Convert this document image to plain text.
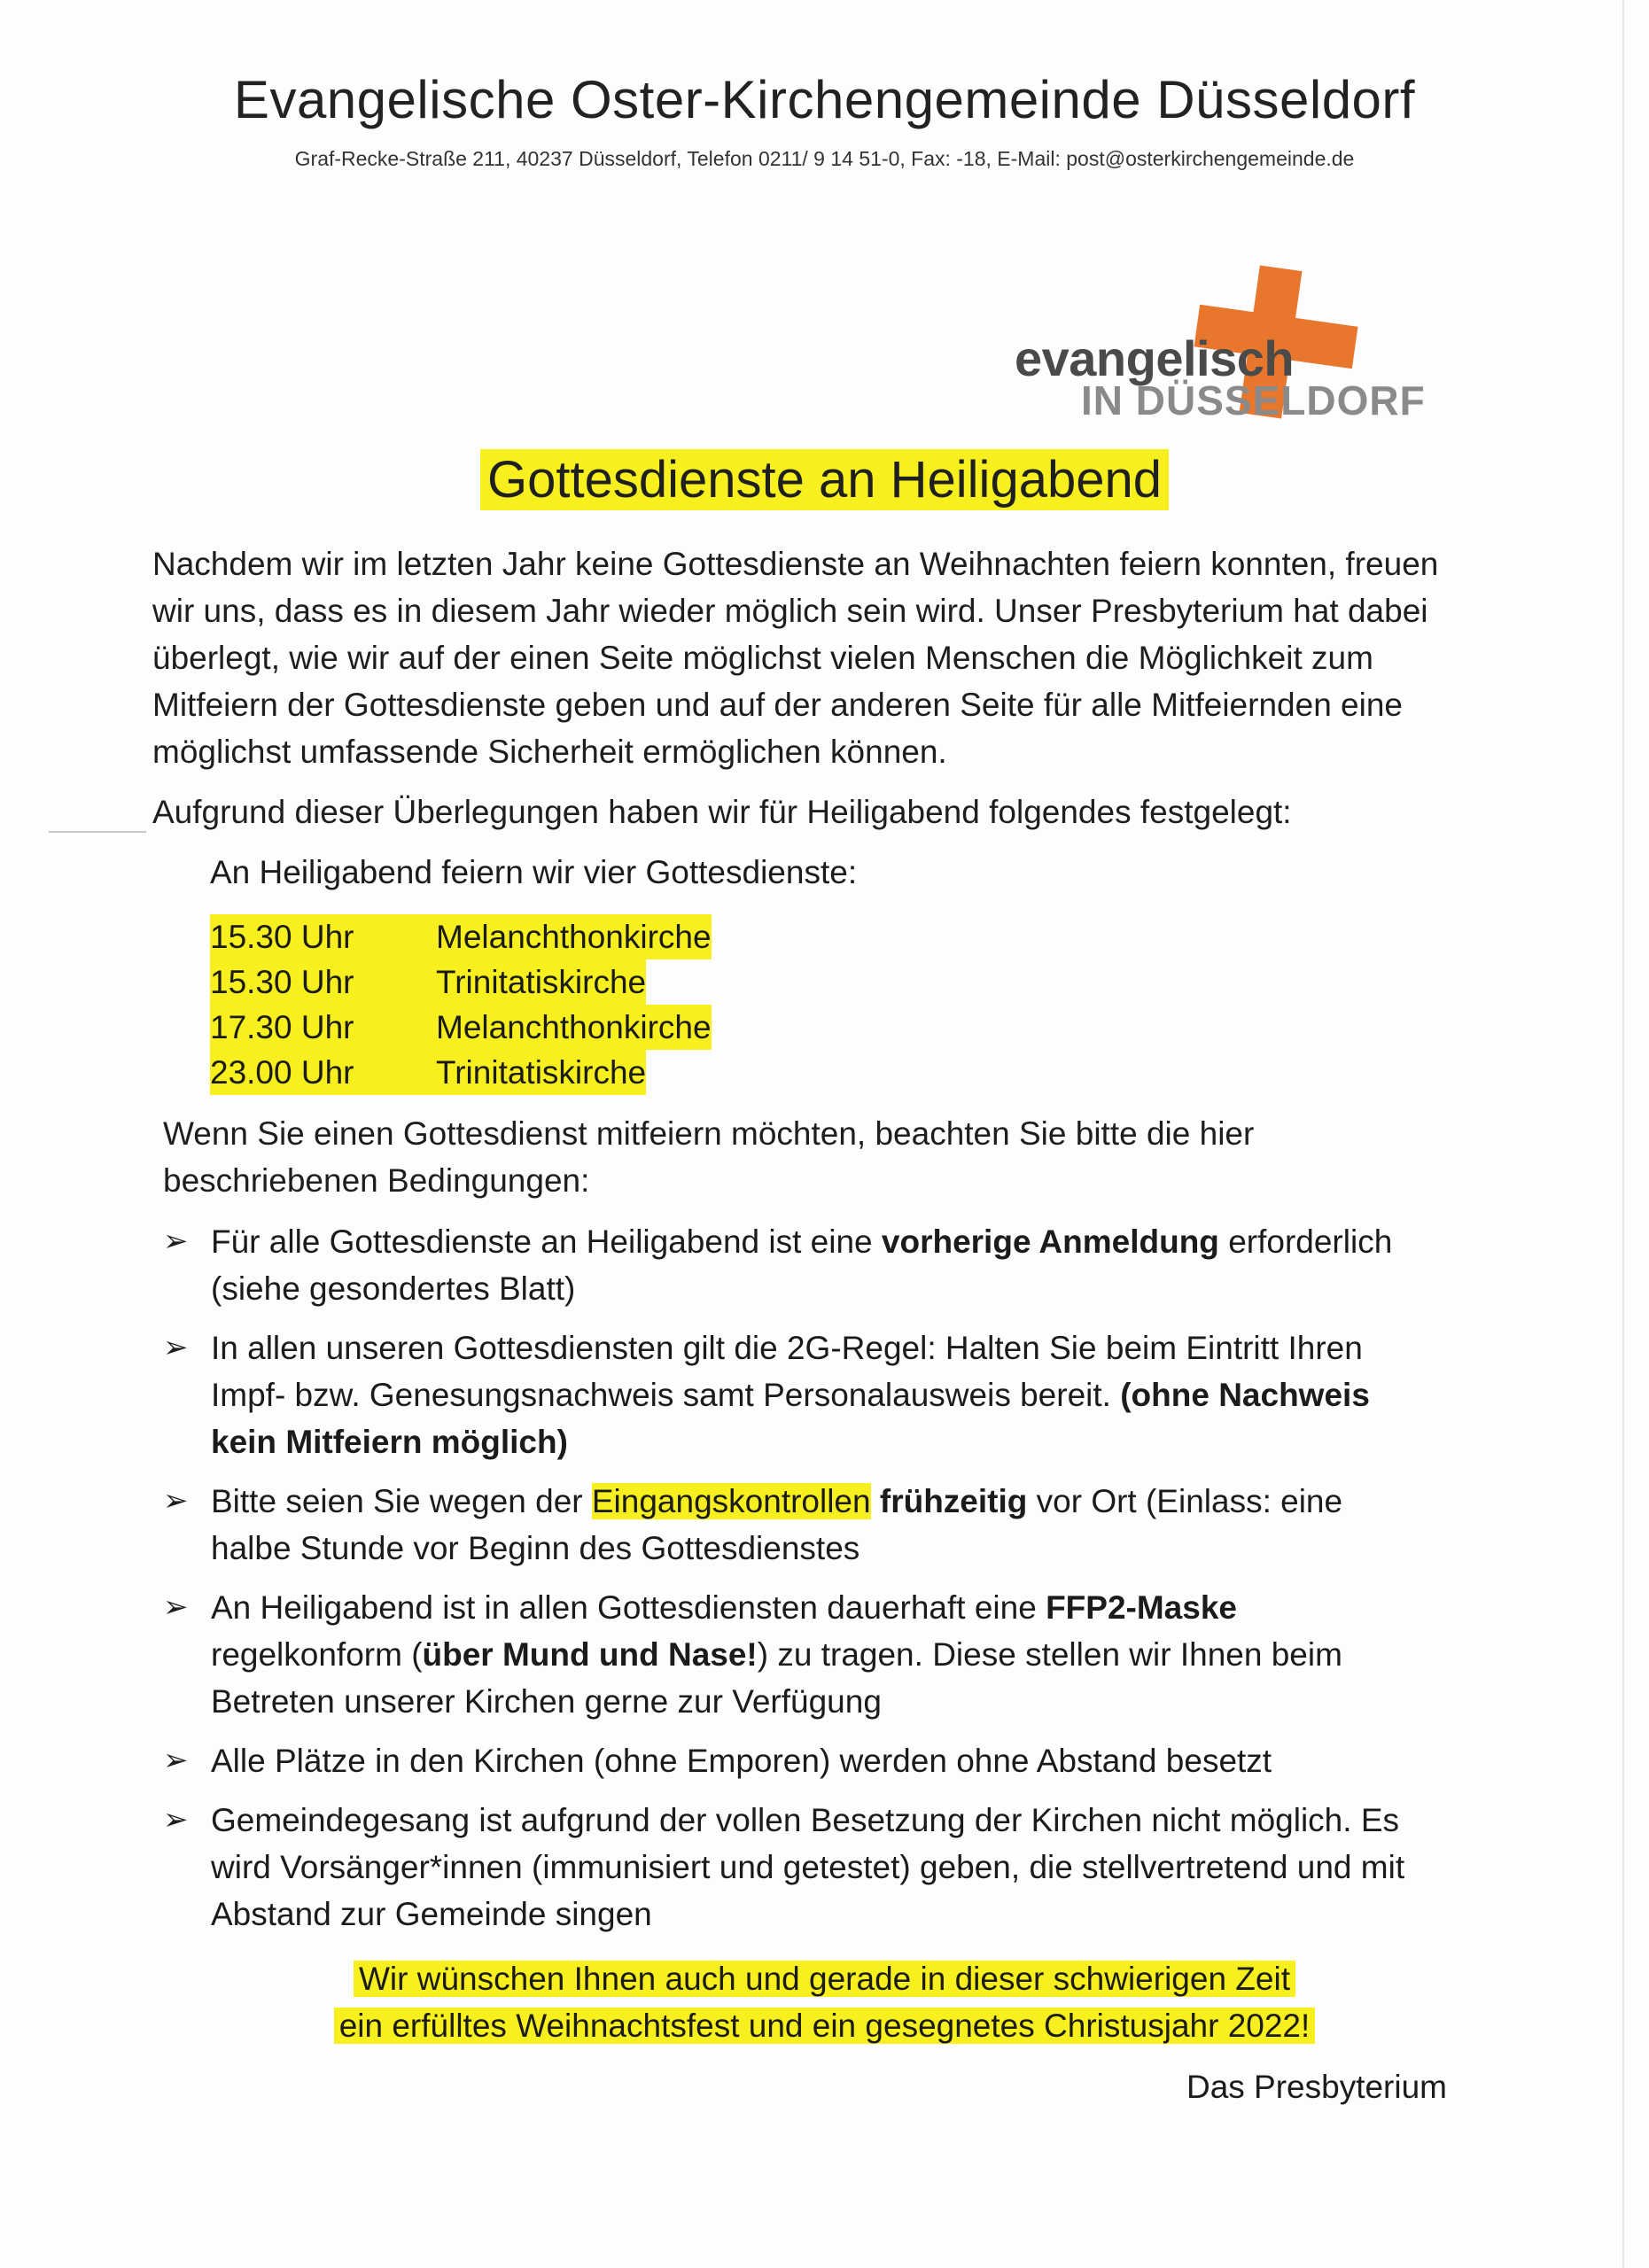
Evangelische Oster-Kirchengemeinde Düsseldorf
Graf-Recke-Straße 211, 40237 Düsseldorf, Telefon 0211/ 9 14 51-0, Fax: -18, E-Mail: post@osterkirchengemeinde.de
evangelisch
IN DÜSSELDORF
Gottesdienste an Heiligabend
Nachdem wir im letzten Jahr keine Gottesdienste an Weihnachten feiern konnten, freuen wir uns, dass es in diesem Jahr wieder möglich sein wird. Unser Presbyterium hat dabei überlegt, wie wir auf der einen Seite möglichst vielen Menschen die Möglichkeit zum Mitfeiern der Gottesdienste geben und auf der anderen Seite für alle Mitfeiernden eine möglichst umfassende Sicherheit ermöglichen können.
Aufgrund dieser Überlegungen haben wir für Heiligabend folgendes festgelegt:
An Heiligabend feiern wir vier Gottesdienste:
15.30 Uhr	Melanchthonkirche
15.30 Uhr	Trinitatiskirche
17.30 Uhr	Melanchthonkirche
23.00 Uhr	Trinitatiskirche
Wenn Sie einen Gottesdienst mitfeiern möchten, beachten Sie bitte die hier beschriebenen Bedingungen:
➢ Für alle Gottesdienste an Heiligabend ist eine vorherige Anmeldung erforderlich (siehe gesondertes Blatt)
➢ In allen unseren Gottesdiensten gilt die 2G-Regel: Halten Sie beim Eintritt Ihren Impf- bzw. Genesungsnachweis samt Personalausweis bereit. (ohne Nachweis kein Mitfeiern möglich)
➢ Bitte seien Sie wegen der Eingangskontrollen frühzeitig vor Ort (Einlass: eine halbe Stunde vor Beginn des Gottesdienstes
➢ An Heiligabend ist in allen Gottesdiensten dauerhaft eine FFP2-Maske regelkonform (über Mund und Nase!) zu tragen. Diese stellen wir Ihnen beim Betreten unserer Kirchen gerne zur Verfügung
➢ Alle Plätze in den Kirchen (ohne Emporen) werden ohne Abstand besetzt
➢ Gemeindegesang ist aufgrund der vollen Besetzung der Kirchen nicht möglich. Es wird Vorsänger*innen (immunisiert und getestet) geben, die stellvertretend und mit Abstand zur Gemeinde singen
Wir wünschen Ihnen auch und gerade in dieser schwierigen Zeit
ein erfülltes Weihnachtsfest und ein gesegnetes Christusjahr 2022!
Das Presbyterium
